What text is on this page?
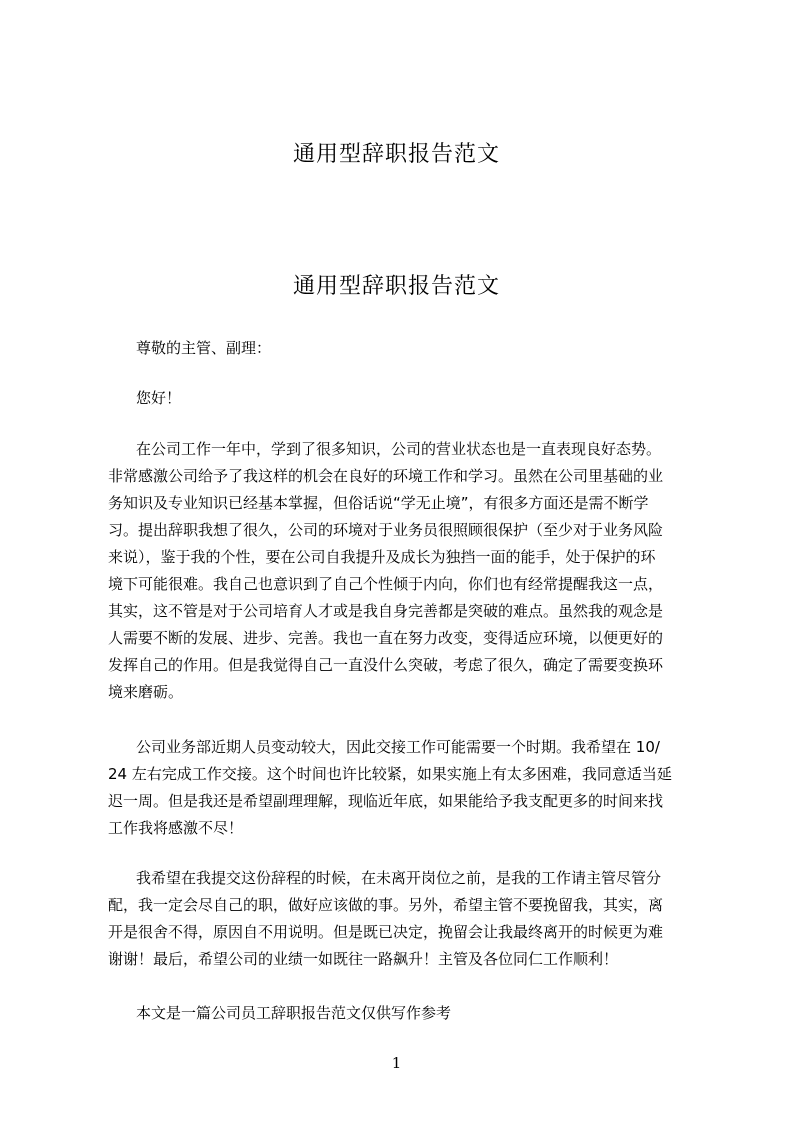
通用型辞职报告范文
通用型辞职报告范文
尊敬的主管、副理：
您好！
在公司工作一年中，学到了很多知识，公司的营业状态也是一直表现良好态势。
非常感激公司给予了我这样的机会在良好的环境工作和学习。虽然在公司里基础的业
务知识及专业知识已经基本掌握，但俗话说“学无止境”，有很多方面还是需不断学
习。提出辞职我想了很久，公司的环境对于业务员很照顾很保护（至少对于业务风险
来说），鉴于我的个性，要在公司自我提升及成长为独挡一面的能手，处于保护的环
境下可能很难。我自己也意识到了自己个性倾于内向，你们也有经常提醒我这一点，
其实，这不管是对于公司培育人才或是我自身完善都是突破的难点。虽然我的观念是
人需要不断的发展、进步、完善。我也一直在努力改变，变得适应环境，以便更好的
发挥自己的作用。但是我觉得自己一直没什么突破，考虑了很久，确定了需要变换环
境来磨砺。
公司业务部近期人员变动较大，因此交接工作可能需要一个时期。我希望在 10/
24 左右完成工作交接。这个时间也许比较紧，如果实施上有太多困难，我同意适当延
迟一周。但是我还是希望副理理解，现临近年底，如果能给予我支配更多的时间来找
工作我将感激不尽！
我希望在我提交这份辞程的时候，在未离开岗位之前，是我的工作请主管尽管分
配，我一定会尽自己的职，做好应该做的事。另外，希望主管不要挽留我，其实，离
开是很舍不得，原因自不用说明。但是既已决定，挽留会让我最终离开的时候更为难
谢谢！最后，希望公司的业绩一如既往一路飙升！主管及各位同仁工作顺利！
本文是一篇公司员工辞职报告范文仅供写作参考
1
